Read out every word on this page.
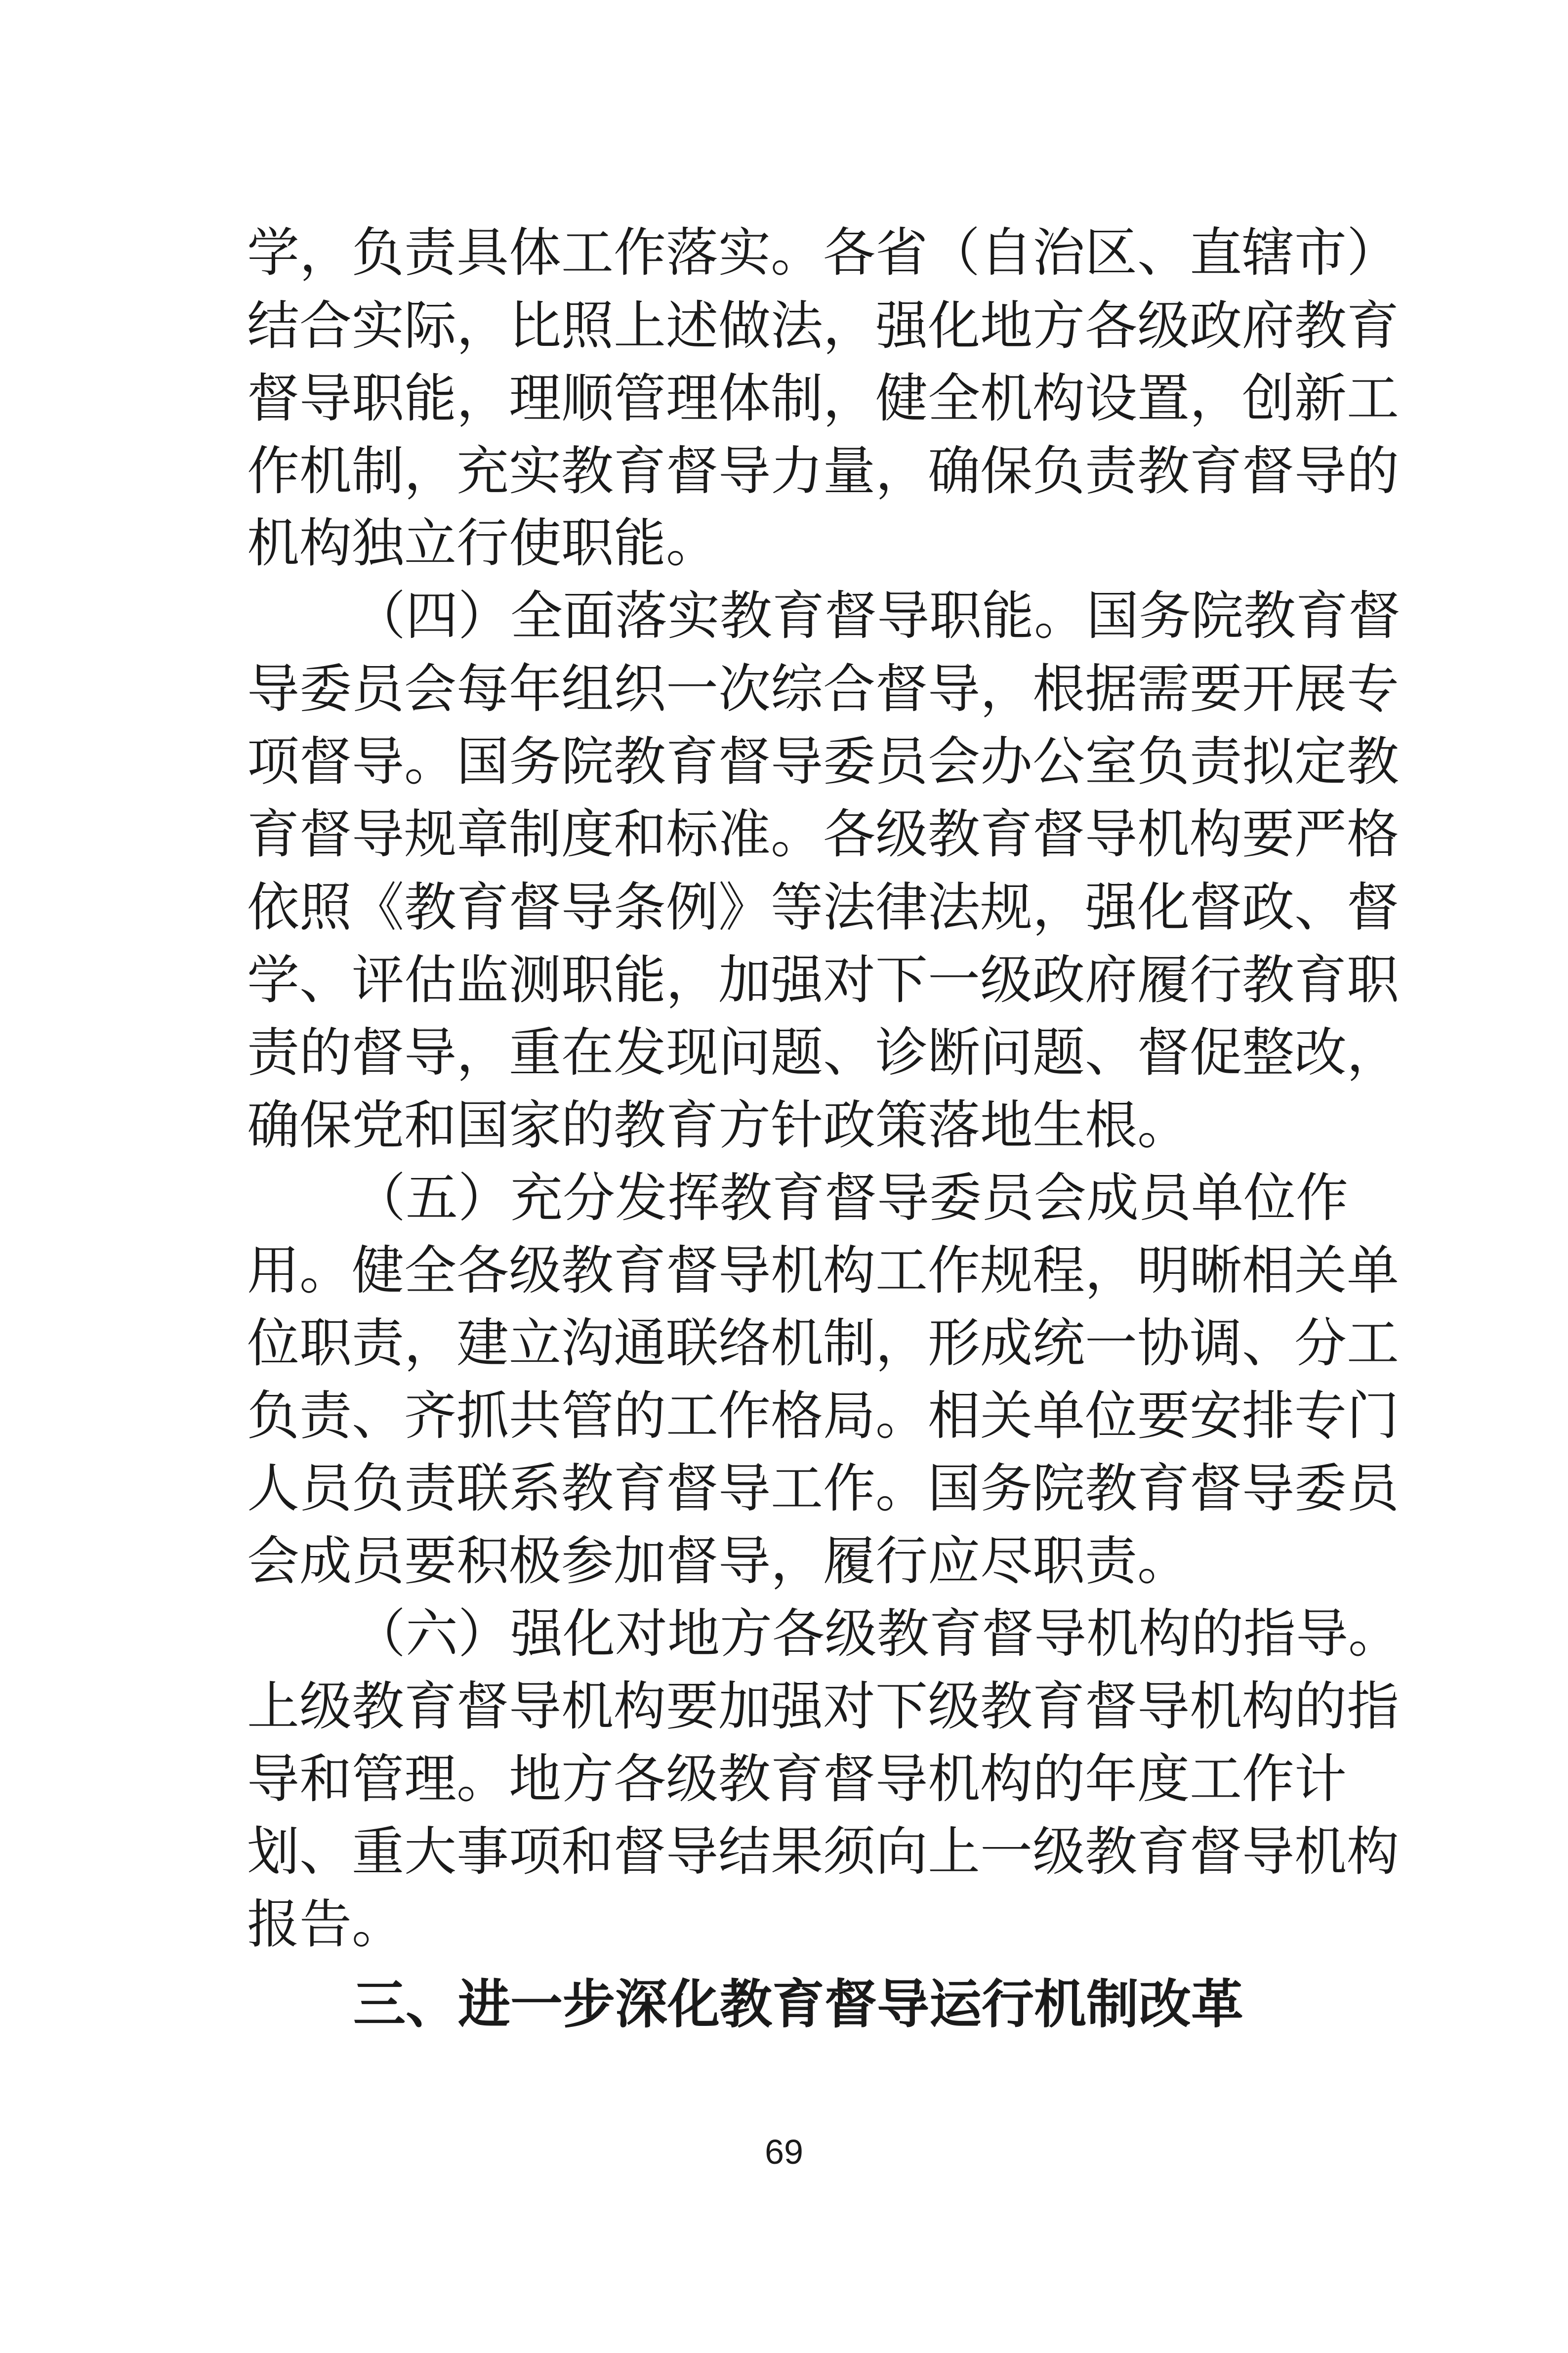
学，负责具体工作落实。各省（自治区、直辖市）
结合实际，比照上述做法，强化地方各级政府教育
督导职能，理顺管理体制，健全机构设置，创新工
作机制，充实教育督导力量，确保负责教育督导的
机构独立行使职能。
（四）全面落实教育督导职能。国务院教育督
导委员会每年组织一次综合督导，根据需要开展专
项督导。国务院教育督导委员会办公室负责拟定教
育督导规章制度和标准。各级教育督导机构要严格
依照《教育督导条例》等法律法规，强化督政、督
学、评估监测职能，加强对下一级政府履行教育职
责的督导，重在发现问题、诊断问题、督促整改，
确保党和国家的教育方针政策落地生根。
（五）充分发挥教育督导委员会成员单位作
用。健全各级教育督导机构工作规程，明晰相关单
位职责，建立沟通联络机制，形成统一协调、分工
负责、齐抓共管的工作格局。相关单位要安排专门
人员负责联系教育督导工作。国务院教育督导委员
会成员要积极参加督导，履行应尽职责。
（六）强化对地方各级教育督导机构的指导。
上级教育督导机构要加强对下级教育督导机构的指
导和管理。地方各级教育督导机构的年度工作计
划、重大事项和督导结果须向上一级教育督导机构
报告。
三、进一步深化教育督导运行机制改革
69
